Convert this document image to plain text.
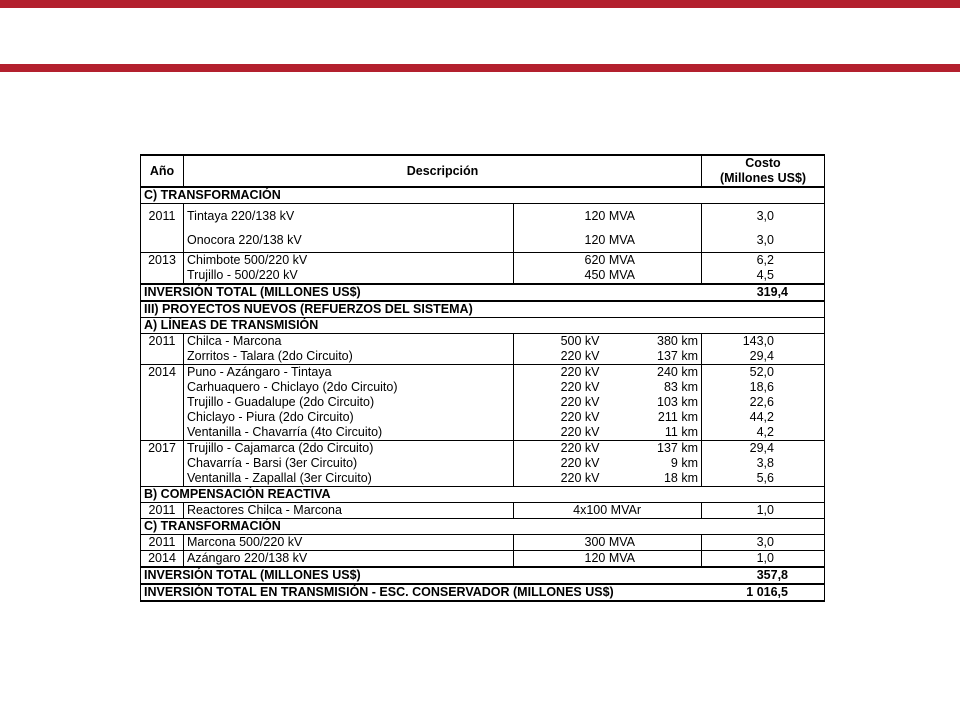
Año	Descripción			Costo
(Millones US$)
C) TRANSFORMACIÓN				
2011	Tintaya 220/138 kV	120 MVA		3,0
	Onocora 220/138 kV	120 MVA		3,0
2013	Chimbote 500/220 kV	620 MVA		6,2
	Trujillo - 500/220 kV	450 MVA		4,5
INVERSIÓN TOTAL (MILLONES US$)				319,4
III) PROYECTOS NUEVOS (REFUERZOS DEL SISTEMA)				
A) LÍNEAS DE TRANSMISIÓN				
2011	Chilca - Marcona	500 kV	380 km	143,0
	Zorritos - Talara (2do Circuito)	220 kV	137 km	29,4
2014	Puno - Azángaro - Tintaya	220 kV	240 km	52,0
	Carhuaquero - Chiclayo (2do Circuito)	220 kV	83 km	18,6
	Trujillo - Guadalupe (2do Circuito)	220 kV	103 km	22,6
	Chiclayo - Piura (2do Circuito)	220 kV	211 km	44,2
	Ventanilla - Chavarría (4to Circuito)	220 kV	11 km	4,2
2017	Trujillo - Cajamarca (2do Circuito)	220 kV	137 km	29,4
	Chavarría - Barsi (3er Circuito)	220 kV	9 km	3,8
	Ventanilla - Zapallal (3er Circuito)	220 kV	18 km	5,6
B) COMPENSACIÓN REACTIVA				
2011	Reactores Chilca - Marcona	4x100 MVAr		1,0
C) TRANSFORMACIÓN				
2011	Marcona 500/220 kV	300 MVA		3,0
2014	Azángaro 220/138 kV	120 MVA		1,0
INVERSIÓN TOTAL (MILLONES US$)				357,8
INVERSIÓN TOTAL EN TRANSMISIÓN - ESC. CONSERVADOR (MILLONES US$)				1 016,5
